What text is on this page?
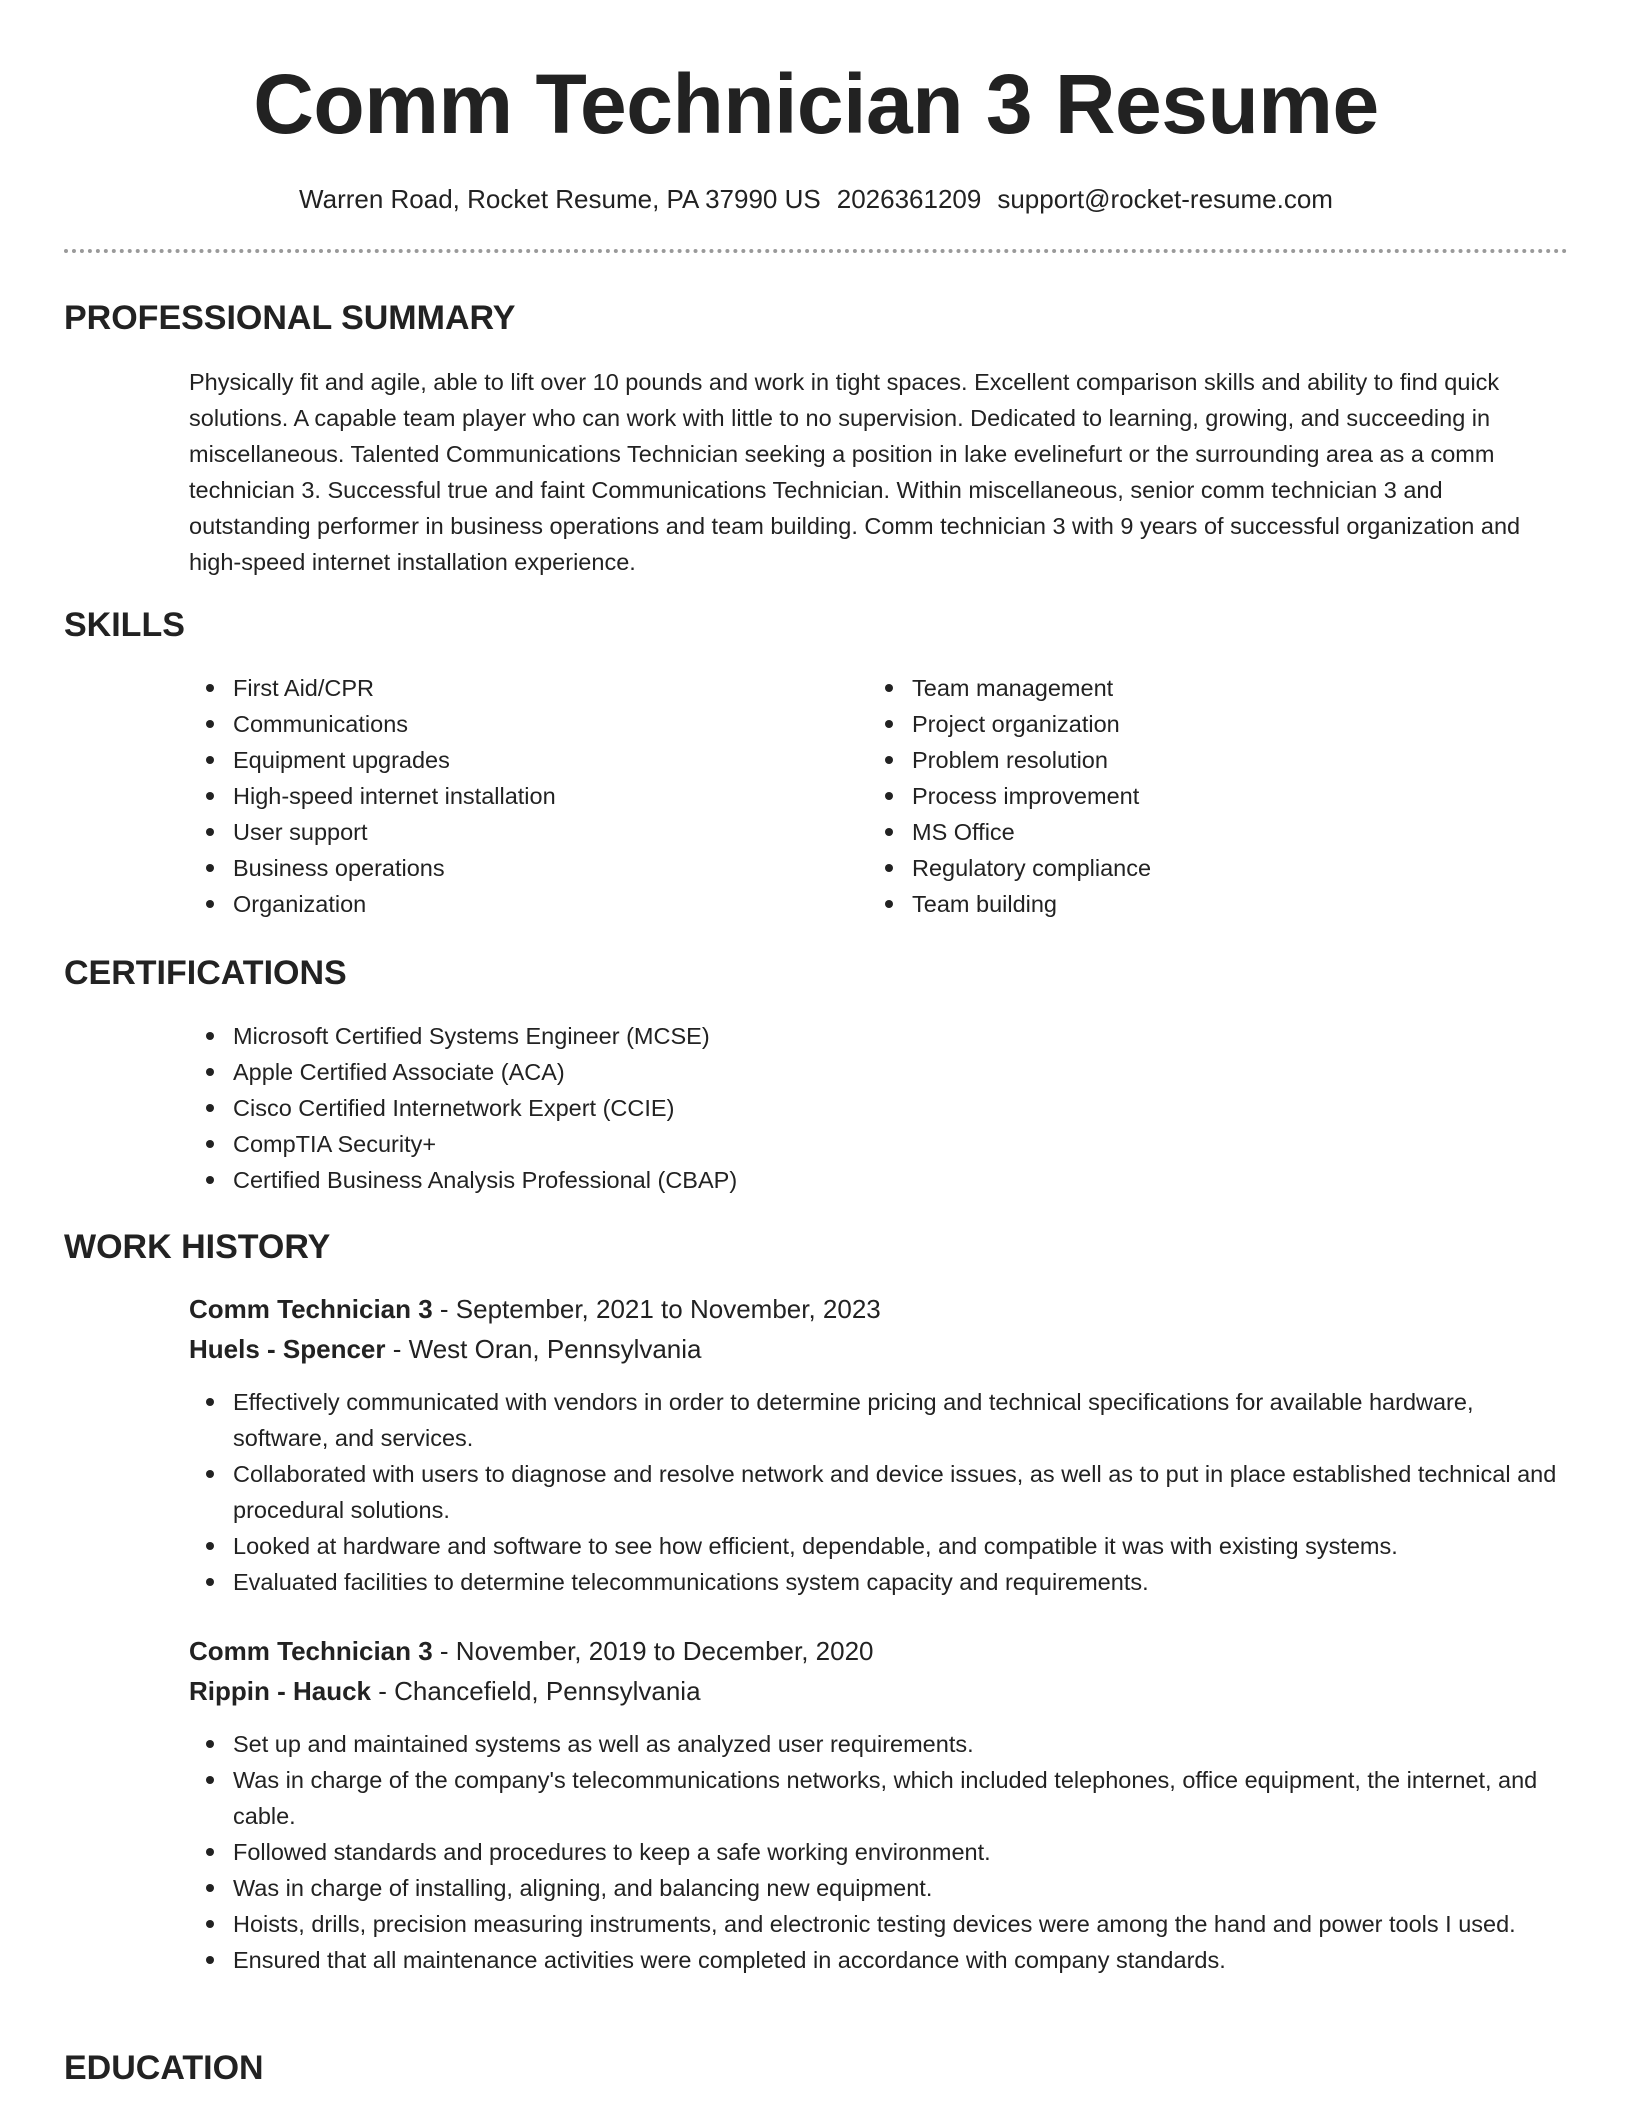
Comm Technician 3 Resume
Warren Road, Rocket Resume, PA 37990 US 2026361209 support@rocket-resume.com
PROFESSIONAL SUMMARY

Physically fit and agile, able to lift over 10 pounds and work in tight spaces. Excellent comparison skills and ability to find quick solutions. A capable team player who can work with little to no supervision. Dedicated to learning, growing, and succeeding in miscellaneous. Talented Communications Technician seeking a position in lake evelinefurt or the surrounding area as a comm technician 3. Successful true and faint Communications Technician. Within miscellaneous, senior comm technician 3 and outstanding performer in business operations and team building. Comm technician 3 with 9 years of successful organization and high-speed internet installation experience.

SKILLS
First Aid/CPR
Communications
Equipment upgrades
High-speed internet installation
User support
Business operations
Organization
Team management
Project organization
Problem resolution
Process improvement
MS Office
Regulatory compliance
Team building
CERTIFICATIONS
Microsoft Certified Systems Engineer (MCSE)
Apple Certified Associate (ACA)
Cisco Certified Internetwork Expert (CCIE)
CompTIA Security+
Certified Business Analysis Professional (CBAP)
WORK HISTORY
Comm Technician 3 - September, 2021 to November, 2023
Huels - Spencer - West Oran, Pennsylvania
Effectively communicated with vendors in order to determine pricing and technical specifications for available hardware, software, and services.
Collaborated with users to diagnose and resolve network and device issues, as well as to put in place established technical and procedural solutions.
Looked at hardware and software to see how efficient, dependable, and compatible it was with existing systems.
Evaluated facilities to determine telecommunications system capacity and requirements.
Comm Technician 3 - November, 2019 to December, 2020
Rippin - Hauck - Chancefield, Pennsylvania
Set up and maintained systems as well as analyzed user requirements.
Was in charge of the company's telecommunications networks, which included telephones, office equipment, the internet, and cable.
Followed standards and procedures to keep a safe working environment.
Was in charge of installing, aligning, and balancing new equipment.
Hoists, drills, precision measuring instruments, and electronic testing devices were among the hand and power tools I used.
Ensured that all maintenance activities were completed in accordance with company standards.
EDUCATION
